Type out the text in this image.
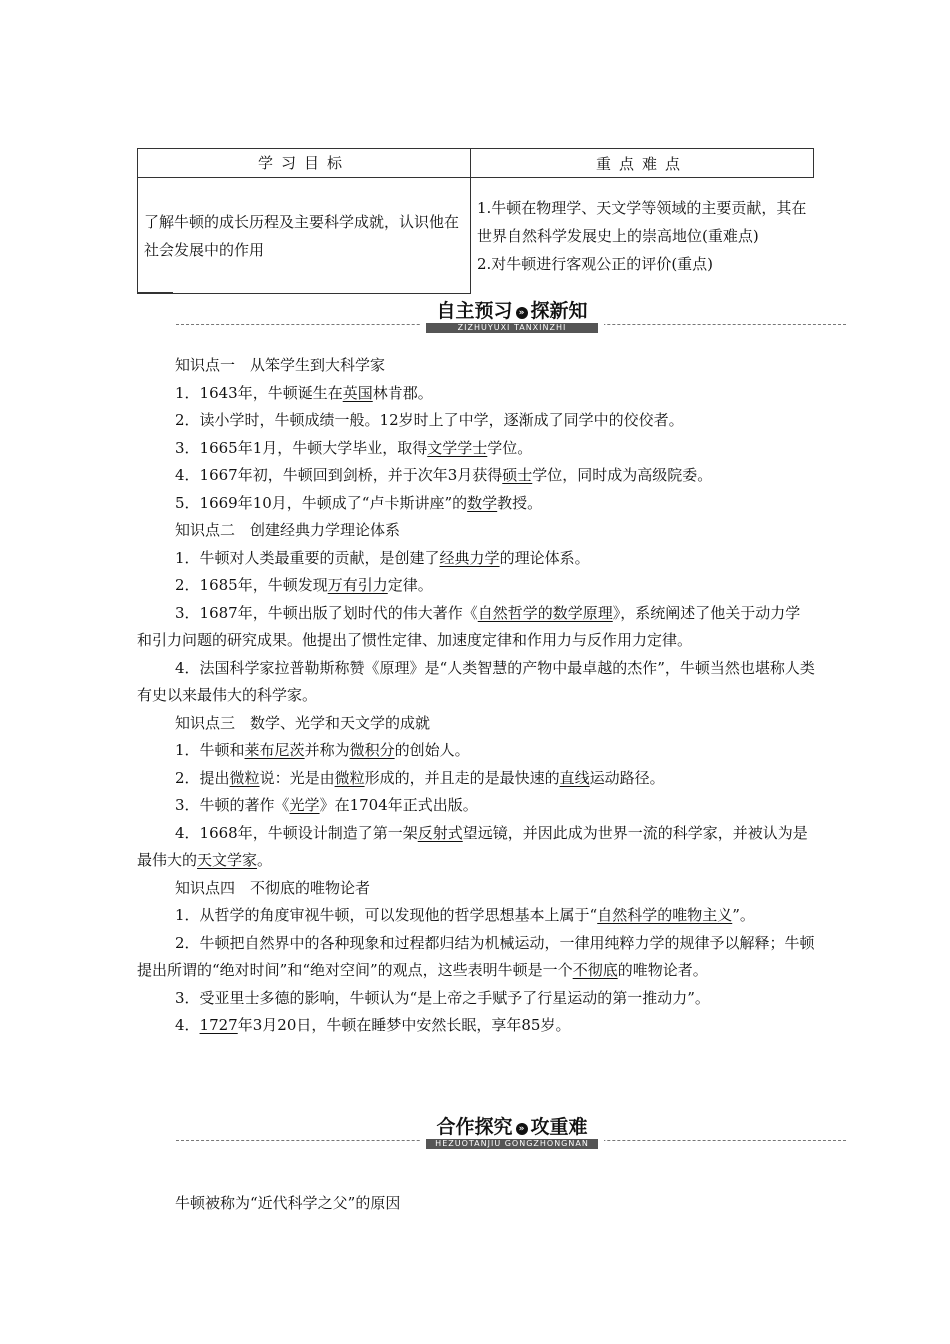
学习目标	重点难点
了解牛顿的成长历程及主要科学成就，认识他在社会发展中的作用	1.牛顿在物理学、天文学等领域的主要贡献，其在世界自然科学发展史上的崇高地位(重难点)
2.对牛顿进行客观公正的评价(重点)
自主预习 » 探新知
ZIZHUYUXI TANXINZHI

知识点一　从笨学生到大科学家

1．1643年，牛顿诞生在英国林肯郡。

2．读小学时，牛顿成绩一般。12岁时上了中学，逐渐成了同学中的佼佼者。

3．1665年1月，牛顿大学毕业，取得文学学士学位。

4．1667年初，牛顿回到剑桥，并于次年3月获得硕士学位，同时成为高级院委。

5．1669年10月，牛顿成了“卢卡斯讲座”的数学教授。

知识点二　创建经典力学理论体系

1．牛顿对人类最重要的贡献，是创建了经典力学的理论体系。

2．1685年，牛顿发现万有引力定律。

3．1687年，牛顿出版了划时代的伟大著作《自然哲学的数学原理》，系统阐述了他关于动力学和引力问题的研究成果。他提出了惯性定律、加速度定律和作用力与反作用力定律。

4．法国科学家拉普勒斯称赞《原理》是“人类智慧的产物中最卓越的杰作”，牛顿当然也堪称人类有史以来最伟大的科学家。

知识点三　数学、光学和天文学的成就

1．牛顿和莱布尼茨并称为微积分的创始人。

2．提出微粒说：光是由微粒形成的，并且走的是最快速的直线运动路径。

3．牛顿的著作《光学》在1704年正式出版。

4．1668年，牛顿设计制造了第一架反射式望远镜，并因此成为世界一流的科学家，并被认为是最伟大的天文学家。

知识点四　不彻底的唯物论者

1．从哲学的角度审视牛顿，可以发现他的哲学思想基本上属于“自然科学的唯物主义”。

2．牛顿把自然界中的各种现象和过程都归结为机械运动，一律用纯粹力学的规律予以解释；牛顿提出所谓的“绝对时间”和“绝对空间”的观点，这些表明牛顿是一个不彻底的唯物论者。

3．受亚里士多德的影响，牛顿认为“是上帝之手赋予了行星运动的第一推动力”。

4．1727年3月20日，牛顿在睡梦中安然长眠，享年85岁。

合作探究 » 攻重难
HEZUOTANJIU GONGZHONGNAN
牛顿被称为“近代科学之父”的原因
